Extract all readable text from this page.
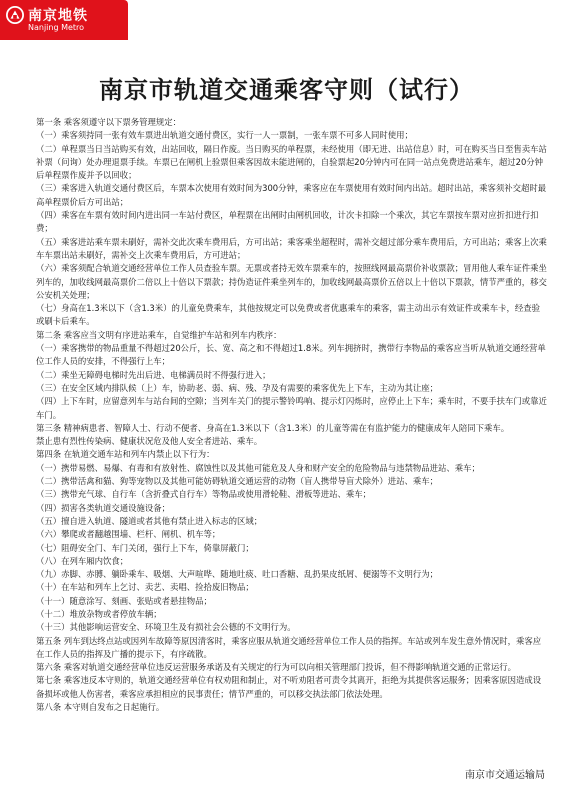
南京地铁
Nanjing Metro
南京市轨道交通乘客守则（试行）

第一条 乘客须遵守以下票务管理规定：

（一）乘客须持同一张有效车票进出轨道交通付费区，实行一人一票制，一张车票不可多人同时使用；

（二）单程票当日当站购买有效，出站回收，隔日作废。当日购买的单程票，未经使用（即无进、出站信息）时，可在购买当日至售卖车站补票（问询）处办理退票手续。车票已在闸机上验票但乘客因故未能进闸的，自验票起20分钟内可在同一站点免费进站乘车，超过20分钟后单程票作废并予以回收；

（三）乘客进入轨道交通付费区后，车票本次使用有效时间为300分钟，乘客应在车票使用有效时间内出站。超时出站，乘客须补交超时最高单程票价后方可出站；

（四）乘客在车票有效时间内进出同一车站付费区，单程票在出闸时由闸机回收，计次卡扣除一个乘次，其它车票按车票对应折扣进行扣费；

（五）乘客进站乘车票未刷好，需补交此次乘车费用后，方可出站；乘客乘坐超程时，需补交超过部分乘车费用后，方可出站；乘客上次乘车车票出站未刷好，需补交上次乘车费用后，方可进站；

（六）乘客须配合轨道交通经营单位工作人员查验车票。无票或者持无效车票乘车的，按照线网最高票价补收票款；冒用他人乘车证件乘坐列车的，加收线网最高票价二倍以上十倍以下票款；持伪造证件乘坐列车的，加收线网最高票价五倍以上十倍以下票款，情节严重的，移交公安机关处理；

（七）身高在1.3米以下（含1.3米）的儿童免费乘车，其他按规定可以免费或者优惠乘车的乘客，需主动出示有效证件或乘车卡，经查验或刷卡后乘车。

第二条 乘客应当文明有序进站乘车，自觉维护车站和列车内秩序：

（一）乘客携带的物品重量不得超过20公斤，长、宽、高之和不得超过1.8米。列车拥挤时，携带行李物品的乘客应当听从轨道交通经营单位工作人员的安排，不得强行上车；

（二）乘坐无障碍电梯时先出后进、电梯满员时不得强行进入；

（三）在安全区域内排队候（上）车，协助老、弱、病、残、孕及有需要的乘客优先上下车，主动为其让座；

（四）上下车时，应留意列车与站台间的空隙；当列车关门的提示警铃鸣响、提示灯闪烁时，应停止上下车；乘车时，不要手扶车门或靠近车门。

第三条 精神病患者、智障人士、行动不便者、身高在1.3米以下（含1.3米）的儿童等需在有监护能力的健康成年人陪同下乘车。

禁止患有烈性传染病、健康状况危及他人安全者进站、乘车。

第四条 在轨道交通车站和列车内禁止以下行为：

（一）携带易燃、易爆、有毒和有放射性、腐蚀性以及其他可能危及人身和财产安全的危险物品与违禁物品进站、乘车；

（二）携带活禽和猫、狗等宠物以及其他可能妨碍轨道交通运营的动物（盲人携带导盲犬除外）进站、乘车；

（三）携带充气球、自行车（含折叠式自行车）等物品或使用滑轮鞋、滑板等进站、乘车；

（四）损害各类轨道交通设施设备；

（五）擅自进入轨道、隧道或者其他有禁止进入标志的区域；

（六）攀爬或者翻越围墙、栏杆、闸机、机车等；

（七）阻碍安全门、车门关闭，强行上下车，倚靠屏蔽门；

（八）在列车厢内饮食；

（九）赤脚、赤膊、躺卧乘车、吸烟、大声喧哗、随地吐痰、吐口香糖、乱扔果皮纸屑、便溺等不文明行为；

（十）在车站和列车上乞讨、卖艺、卖唱、捡拾废旧物品；

（十一）随意涂写、刻画、张贴或者悬挂物品；

（十二）堆放杂物或者停放车辆；

（十三）其他影响运营安全、环境卫生及有损社会公德的不文明行为。

第五条 列车到达终点站或因列车故障等原因清客时，乘客应服从轨道交通经营单位工作人员的指挥。车站或列车发生意外情况时，乘客应在工作人员的指挥及广播的提示下，有序疏散。

第六条 乘客对轨道交通经营单位违反运营服务承诺及有关规定的行为可以向相关管理部门投诉，但不得影响轨道交通的正常运行。

第七条 乘客违反本守则的，轨道交通经营单位有权劝阻和制止，对不听劝阻者可责令其离开，拒绝为其提供客运服务；因乘客原因造成设备损坏或他人伤害者，乘客应承担相应的民事责任；情节严重的，可以移交执法部门依法处理。

第八条 本守则自发布之日起施行。

南京市交通运输局
